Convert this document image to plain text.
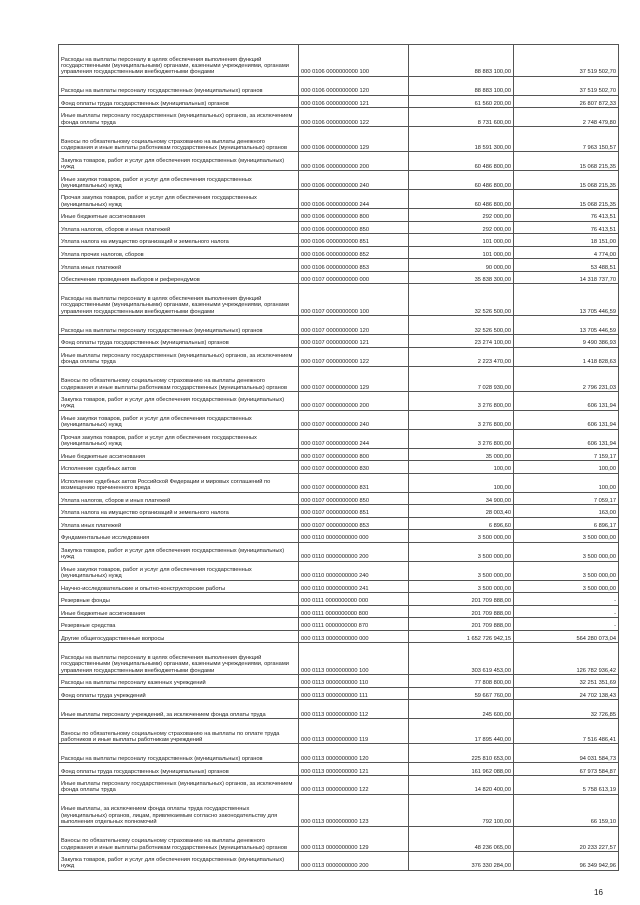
Расходы на выплаты персоналу в целях обеспечения выполнения функций государственными (муниципальными) органами, казенными учреждениями, органами управления государственными внебюджетными фондами	000 0106 0000000000 100	88 883 100,00	37 519 502,70
Расходы на выплаты персоналу государственных (муниципальных) органов	000 0106 0000000000 120	88 883 100,00	37 519 502,70
Фонд оплаты труда государственных (муниципальных) органов	000 0106 0000000000 121	61 560 200,00	26 807 872,33
Иные выплаты персоналу государственных (муниципальных) органов, за исключением фонда оплаты труда	000 0106 0000000000 122	8 731 600,00	2 748 479,80
Взносы по обязательному социальному страхованию на выплаты денежного содержания и иные выплаты работникам государственных (муниципальных) органов	000 0106 0000000000 129	18 591 300,00	7 963 150,57
Закупка товаров, работ и услуг для обеспечения государственных (муниципальных) нужд	000 0106 0000000000 200	60 486 800,00	15 068 215,35
Иные закупки товаров, работ и услуг для обеспечения государственных (муниципальных) нужд	000 0106 0000000000 240	60 486 800,00	15 068 215,35
Прочая закупка товаров, работ и услуг для обеспечения государственных (муниципальных) нужд	000 0106 0000000000 244	60 486 800,00	15 068 215,35
Иные бюджетные ассигнования	000 0106 0000000000 800	292 000,00	76 413,51
Уплата налогов, сборов и иных платежей	000 0106 0000000000 850	292 000,00	76 413,51
Уплата налога на имущество организаций и земельного налога	000 0106 0000000000 851	101 000,00	18 151,00
Уплата прочих налогов, сборов	000 0106 0000000000 852	101 000,00	4 774,00
Уплата иных платежей	000 0106 0000000000 853	90 000,00	53 488,51
Обеспечение проведения выборов и референдумов	000 0107 0000000000 000	35 838 300,00	14 318 737,70
Расходы на выплаты персоналу в целях обеспечения выполнения функций государственными (муниципальными) органами, казенными учреждениями, органами управления государственными внебюджетными фондами	000 0107 0000000000 100	32 526 500,00	13 705 446,59
Расходы на выплаты персоналу государственных (муниципальных) органов	000 0107 0000000000 120	32 526 500,00	13 705 446,59
Фонд оплаты труда государственных (муниципальных) органов	000 0107 0000000000 121	23 274 100,00	9 490 386,93
Иные выплаты персоналу государственных (муниципальных) органов, за исключением фонда оплаты труда	000 0107 0000000000 122	2 223 470,00	1 418 828,63
Взносы по обязательному социальному страхованию на выплаты денежного содержания и иные выплаты работникам государственных (муниципальных) органов	000 0107 0000000000 129	7 028 930,00	2 796 231,03
Закупка товаров, работ и услуг для обеспечения государственных (муниципальных) нужд	000 0107 0000000000 200	3 276 800,00	606 131,94
Иные закупки товаров, работ и услуг для обеспечения государственных (муниципальных) нужд	000 0107 0000000000 240	3 276 800,00	606 131,94
Прочая закупка товаров, работ и услуг для обеспечения государственных (муниципальных) нужд	000 0107 0000000000 244	3 276 800,00	606 131,94
Иные бюджетные ассигнования	000 0107 0000000000 800	35 000,00	7 159,17
Исполнение судебных актов	000 0107 0000000000 830	100,00	100,00
Исполнение судебных актов Российской Федерации и мировых соглашений по возмещению причиненного вреда	000 0107 0000000000 831	100,00	100,00
Уплата налогов, сборов и иных платежей	000 0107 0000000000 850	34 900,00	7 059,17
Уплата налога на имущество организаций и земельного налога	000 0107 0000000000 851	28 003,40	163,00
Уплата иных платежей	000 0107 0000000000 853	6 896,60	6 896,17
Фундаментальные исследования	000 0110 0000000000 000	3 500 000,00	3 500 000,00
Закупка товаров, работ и услуг для обеспечения государственных (муниципальных) нужд	000 0110 0000000000 200	3 500 000,00	3 500 000,00
Иные закупки товаров, работ и услуг для обеспечения государственных (муниципальных) нужд	000 0110 0000000000 240	3 500 000,00	3 500 000,00
Научно-исследовательские и опытно-конструкторские работы	000 0110 0000000000 241	3 500 000,00	3 500 000,00
Резервные фонды	000 0111 0000000000 000	201 709 888,00	-
Иные бюджетные ассигнования	000 0111 0000000000 800	201 709 888,00	-
Резервные средства	000 0111 0000000000 870	201 709 888,00	-
Другие общегосударственные вопросы	000 0113 0000000000 000	1 652 726 942,15	564 280 073,04
Расходы на выплаты персоналу в целях обеспечения выполнения функций государственными (муниципальными) органами, казенными учреждениями, органами управления государственными внебюджетными фондами	000 0113 0000000000 100	303 619 453,00	126 782 936,42
Расходы на выплаты персоналу казенных учреждений	000 0113 0000000000 110	77 808 800,00	32 251 351,69
Фонд оплаты труда учреждений	000 0113 0000000000 111	59 667 760,00	24 702 138,43
Иные выплаты персоналу учреждений, за исключением фонда оплаты труда	000 0113 0000000000 112	245 600,00	32 726,85
Взносы по обязательному социальному страхованию на выплаты по оплате труда работников и иные выплаты работникам учреждений	000 0113 0000000000 119	17 895 440,00	7 516 486,41
Расходы на выплаты персоналу государственных (муниципальных) органов	000 0113 0000000000 120	225 810 653,00	94 031 584,73
Фонд оплаты труда государственных (муниципальных) органов	000 0113 0000000000 121	161 962 088,00	67 973 584,87
Иные выплаты персоналу государственных (муниципальных) органов, за исключением фонда оплаты труда	000 0113 0000000000 122	14 820 400,00	5 758 613,19
Иные выплаты, за исключением фонда оплаты труда государственных (муниципальных) органов, лицам, привлекаемым согласно законодательству для выполнения отдельных полномочий	000 0113 0000000000 123	792 100,00	66 159,10
Взносы по обязательному социальному страхованию на выплаты денежного содержания и иные выплаты работникам государственных (муниципальных) органов	000 0113 0000000000 129	48 236 065,00	20 233 227,57
Закупка товаров, работ и услуг для обеспечения государственных (муниципальных) нужд	000 0113 0000000000 200	376 330 284,00	96 349 942,96
16
